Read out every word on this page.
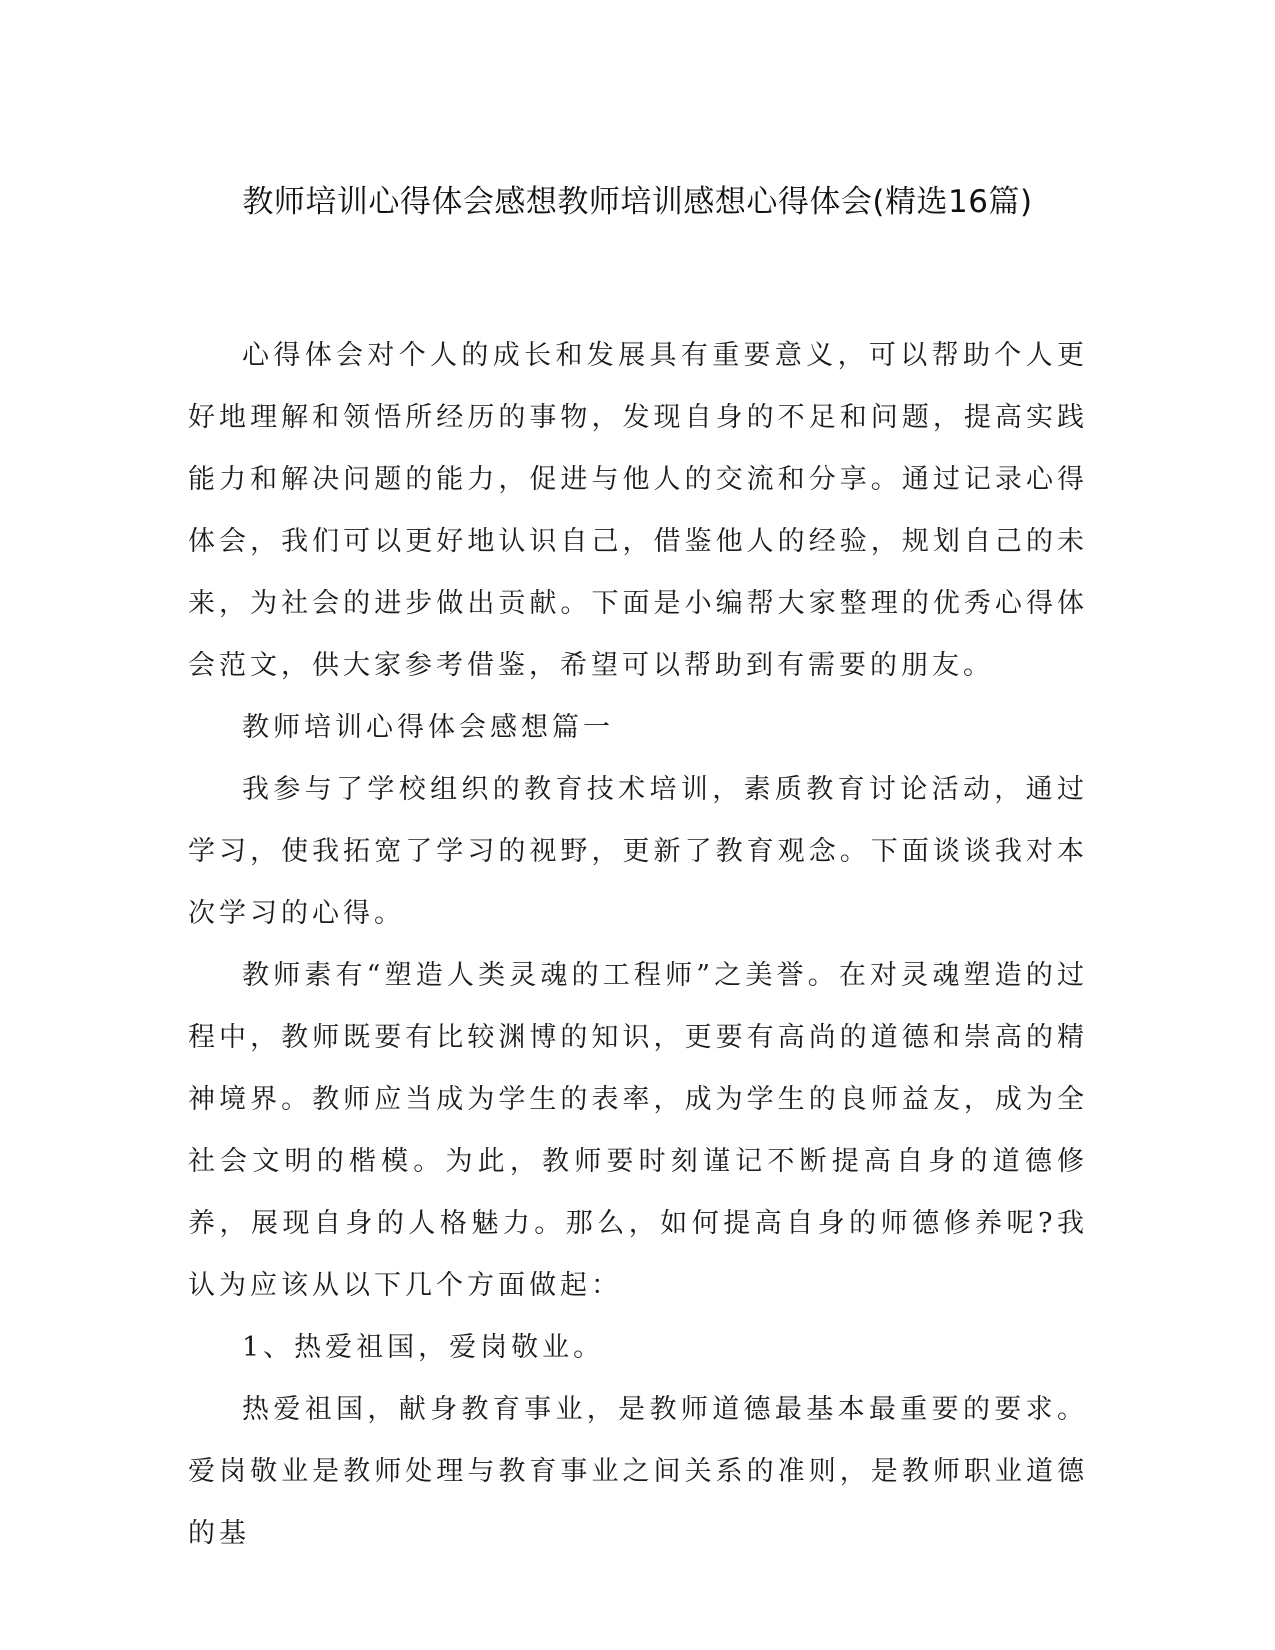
教师培训心得体会感想教师培训感想心得体会(精选16篇)

心得体会对个人的成长和发展具有重要意义，可以帮助个人更好地理解和领悟所经历的事物，发现自身的不足和问题，提高实践能力和解决问题的能力，促进与他人的交流和分享。通过记录心得体会，我们可以更好地认识自己，借鉴他人的经验，规划自己的未来，为社会的进步做出贡献。下面是小编帮大家整理的优秀心得体会范文，供大家参考借鉴，希望可以帮助到有需要的朋友。

教师培训心得体会感想篇一

我参与了学校组织的教育技术培训，素质教育讨论活动，通过学习，使我拓宽了学习的视野，更新了教育观念。下面谈谈我对本次学习的心得。

教师素有“塑造人类灵魂的工程师”之美誉。在对灵魂塑造的过程中，教师既要有比较渊博的知识，更要有高尚的道德和崇高的精神境界。教师应当成为学生的表率，成为学生的良师益友，成为全社会文明的楷模。为此，教师要时刻谨记不断提高自身的道德修养，展现自身的人格魅力。那么，如何提高自身的师德修养呢?我认为应该从以下几个方面做起：

1、热爱祖国，爱岗敬业。

热爱祖国，献身教育事业，是教师道德最基本最重要的要求。爱岗敬业是教师处理与教育事业之间关系的准则，是教师职业道德的基
